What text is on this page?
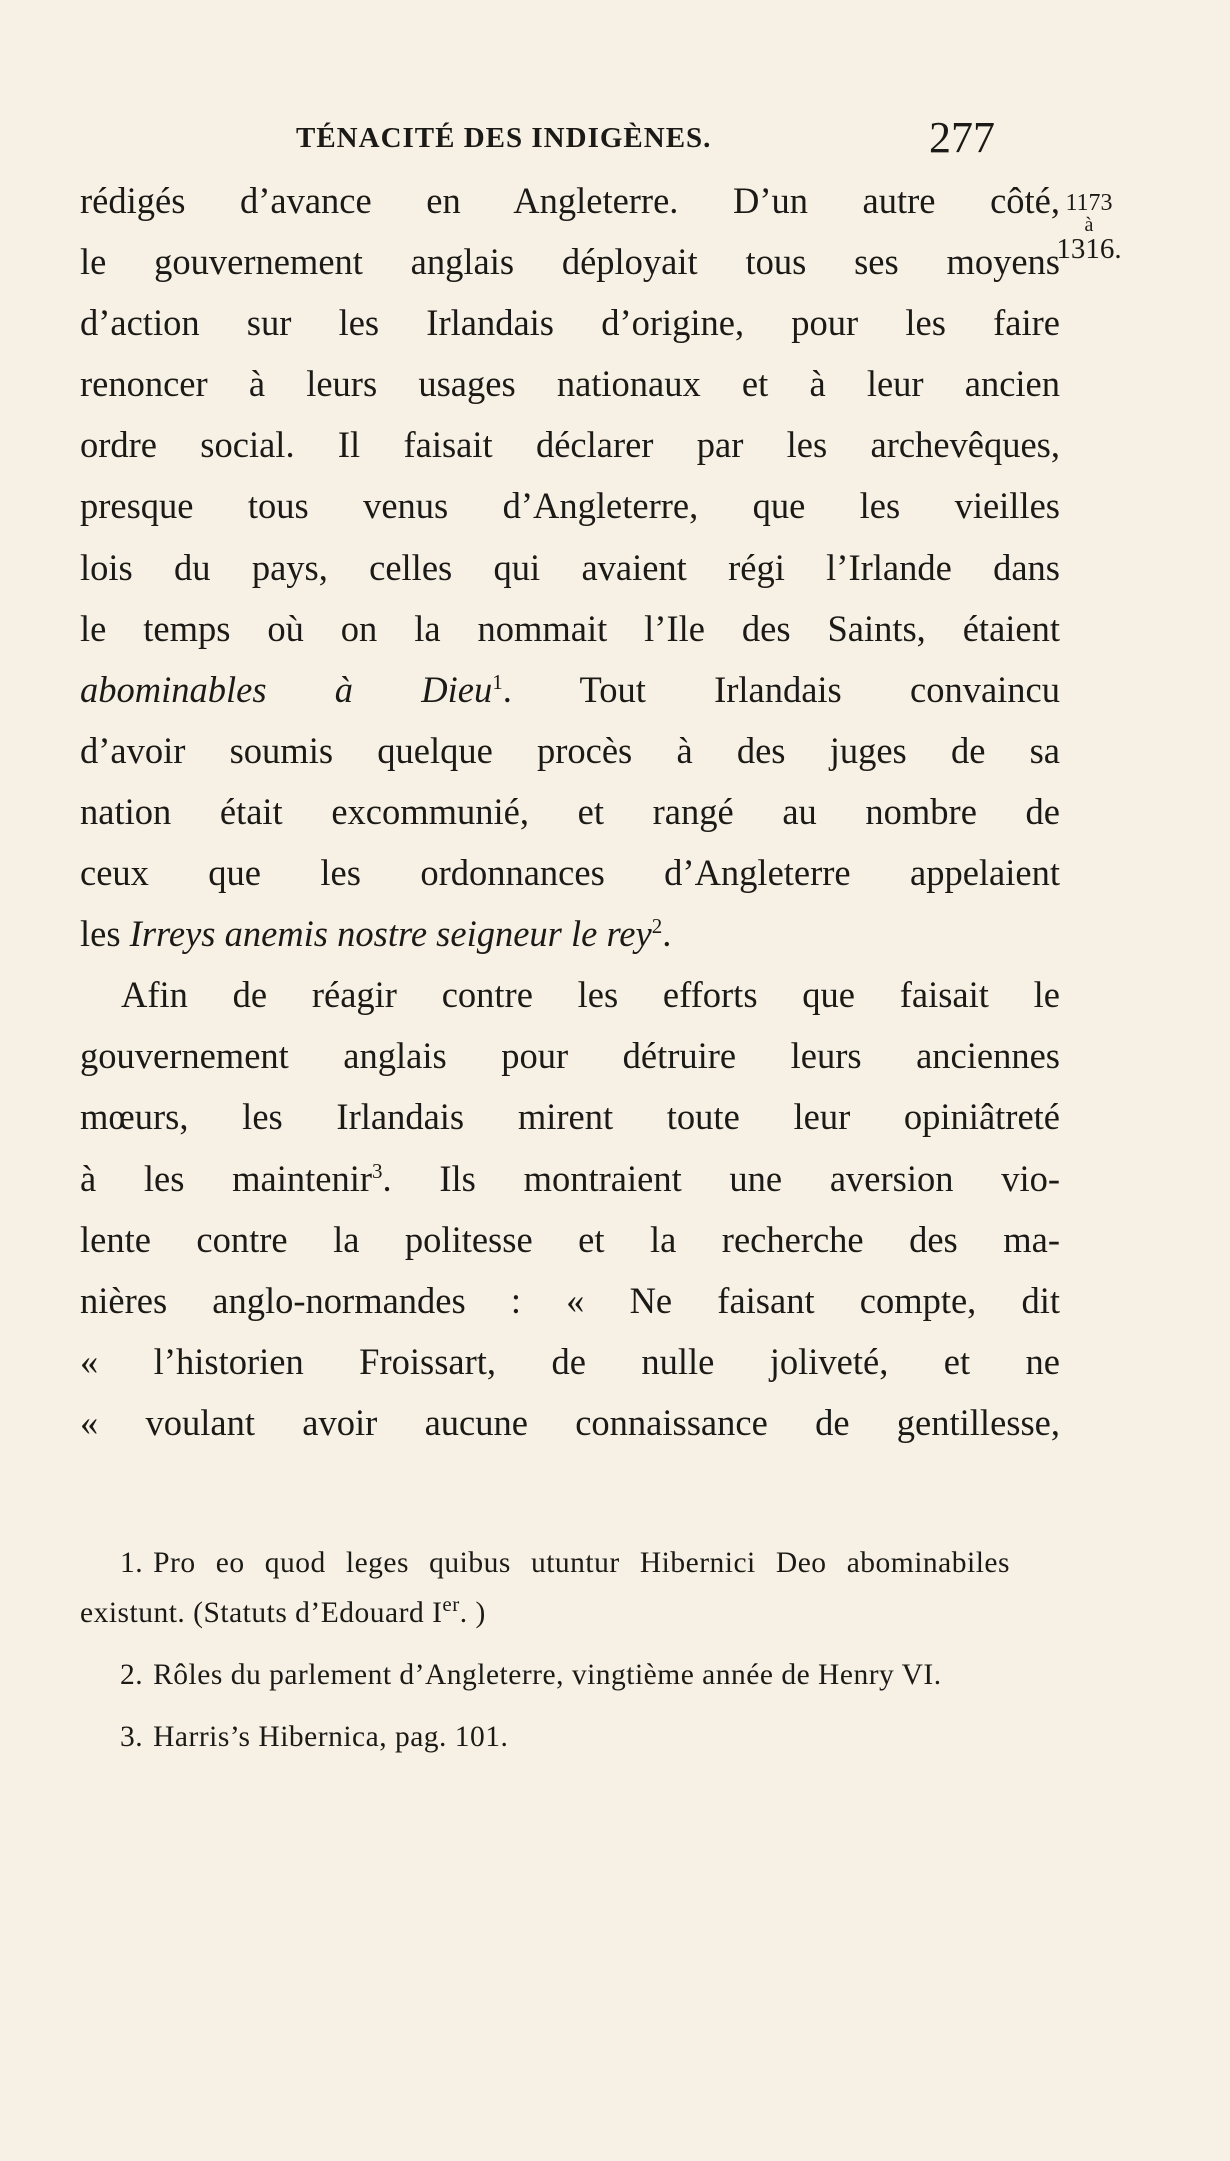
TÉNACITÉ DES INDIGÈNES.	277
1173
à
1316.
rédigés d’avance en Angleterre. D’un autre côté,
le gouvernement anglais déployait tous ses moyens
d’action sur les Irlandais d’origine, pour les faire
renoncer à leurs usages nationaux et à leur ancien
ordre social. Il faisait déclarer par les archevêques,
presque tous venus d’Angleterre, que les vieilles
lois du pays, celles qui avaient régi l’Irlande dans
le temps où on la nommait l’Ile des Saints, étaient
abominables à Dieu$^1$. Tout Irlandais convaincu
d’avoir soumis quelque procès à des juges de sa
nation était excommunié, et rangé au nombre de
ceux que les ordonnances d’Angleterre appelaient
les Irreys anemis nostre seigneur le rey$^2$.
Afin de réagir contre les efforts que faisait le
gouvernement anglais pour détruire leurs anciennes
mœurs, les Irlandais mirent toute leur opiniâtreté
à les maintenir$^3$. Ils montraient une aversion vio-
lente contre la politesse et la recherche des ma-
nières anglo-normandes : « Ne faisant compte, dit
« l’historien Froissart, de nulle joliveté, et ne
« voulant avoir aucune connaissance de gentillesse,
1. Pro eo quod leges quibus utuntur Hibernici Deo abominabiles existunt. (Statuts d’Edouard Ier. )
2. Rôles du parlement d’Angleterre, vingtième année de Henry VI.
3. Harris’s Hibernica, pag. 101.
